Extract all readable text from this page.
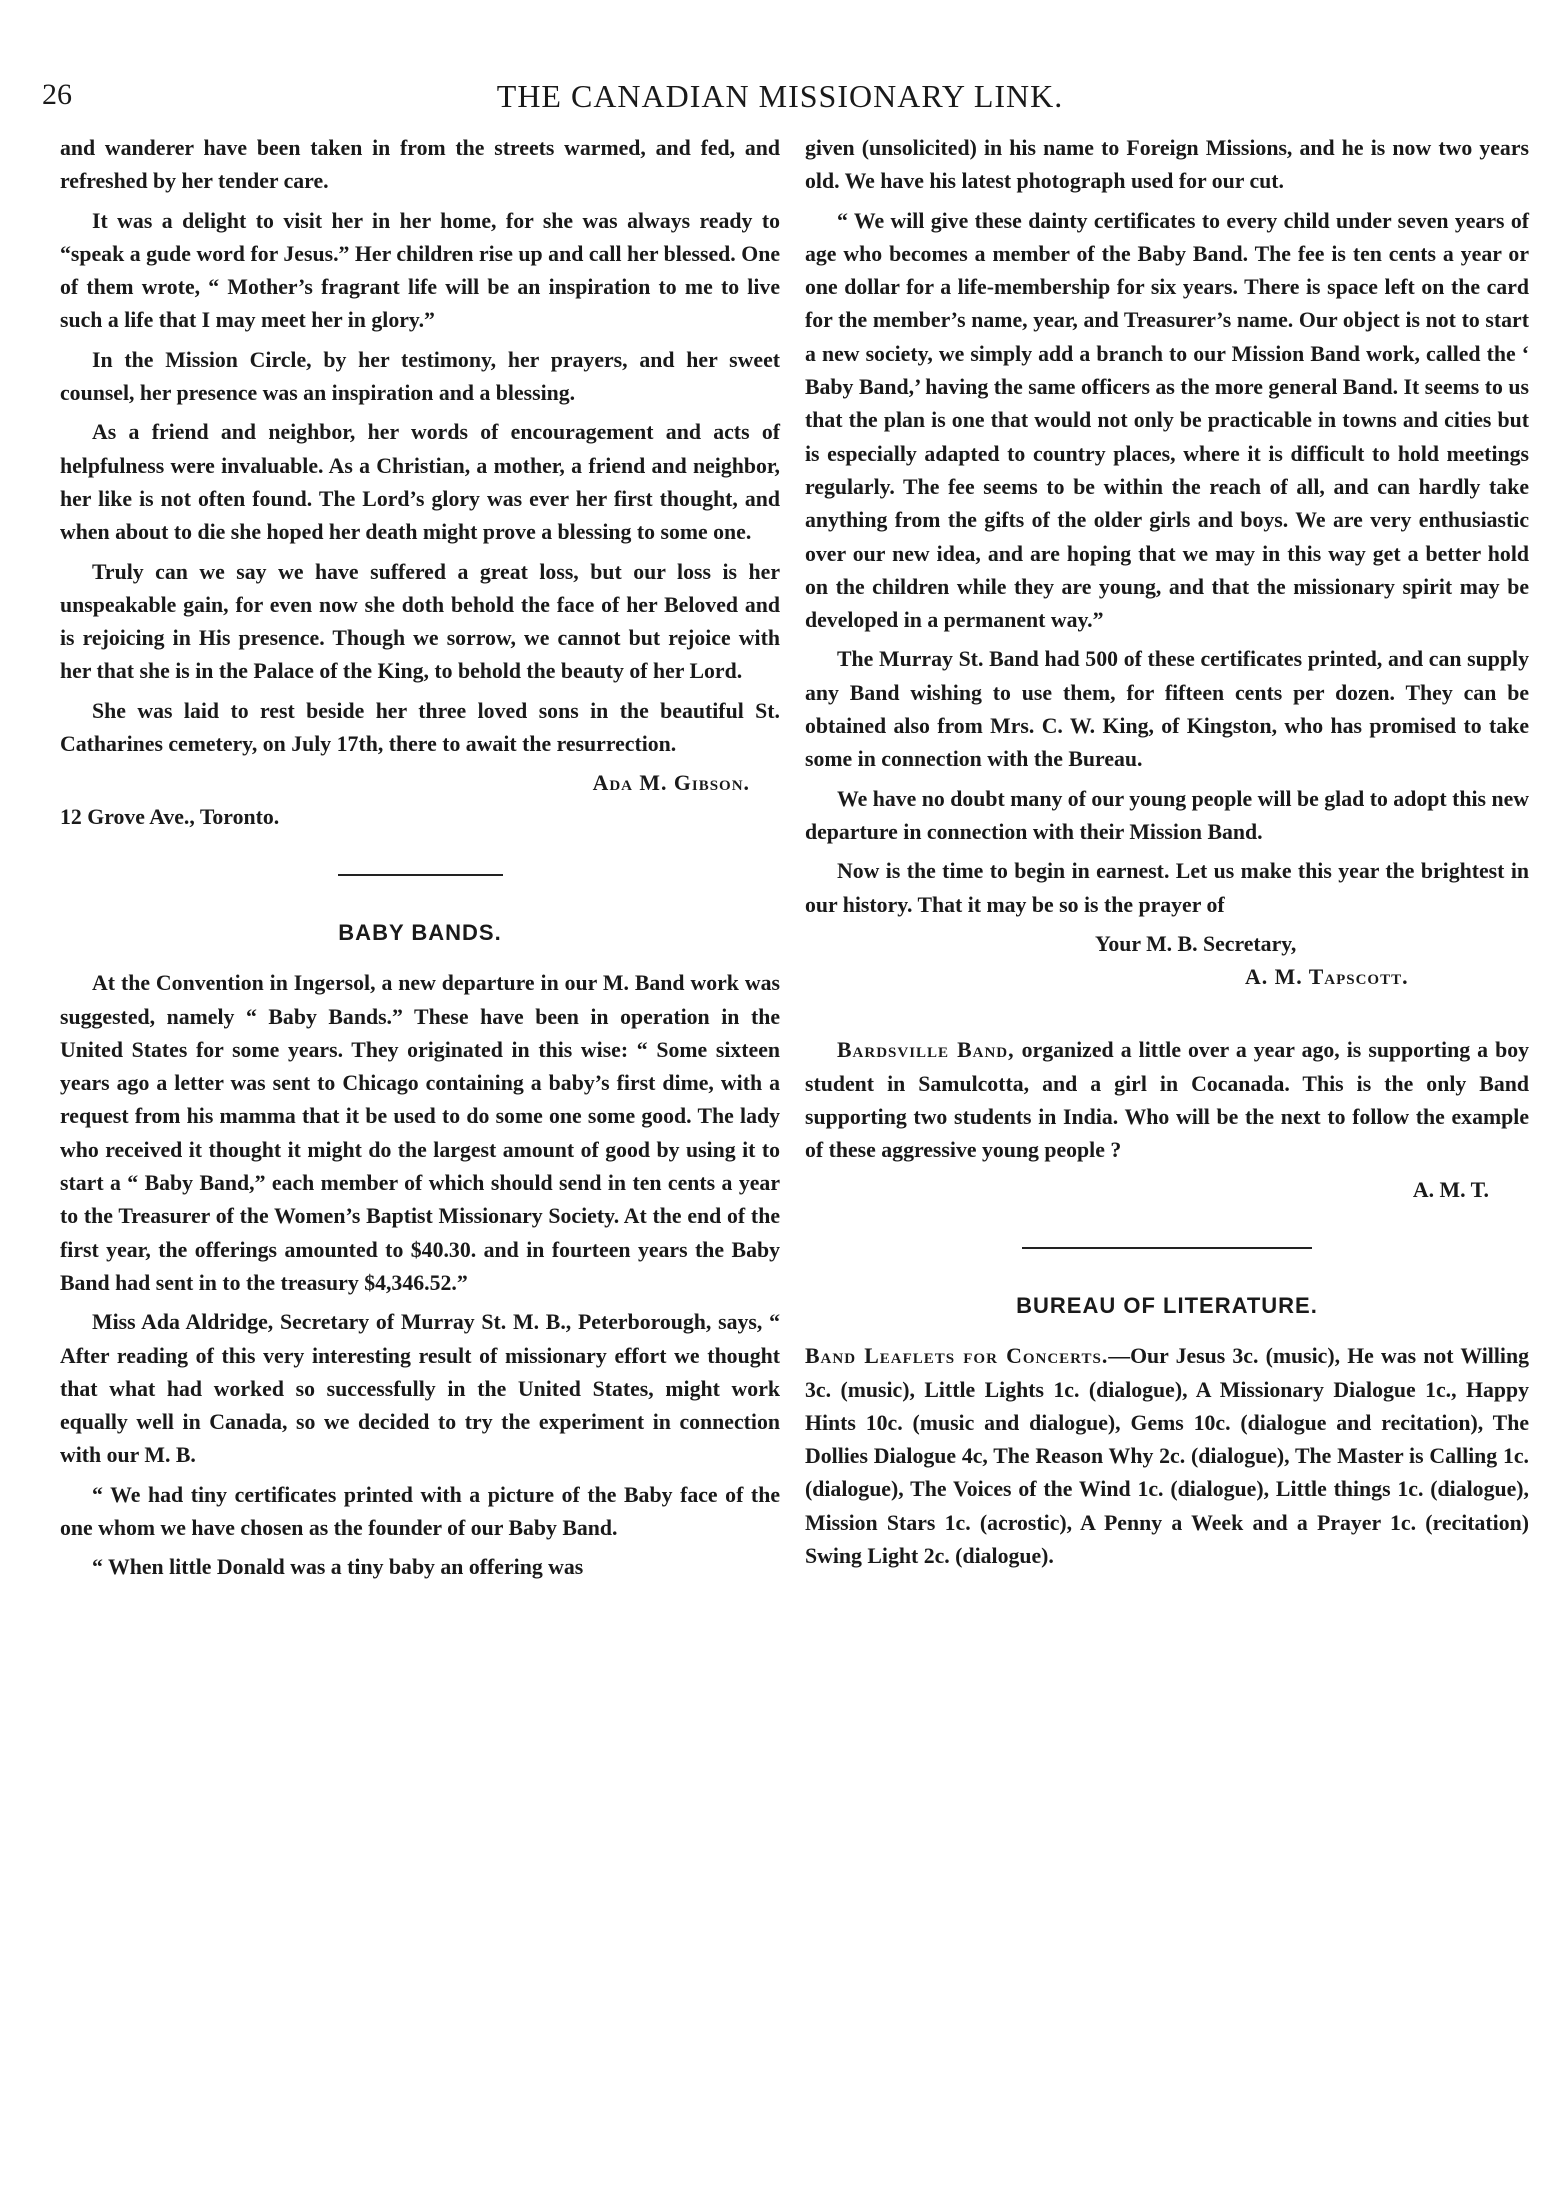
26	THE CANADIAN MISSIONARY LINK.

and wanderer have been taken in from the streets warmed, and fed, and refreshed by her tender care.

It was a delight to visit her in her home, for she was always ready to “speak a gude word for Jesus.” Her children rise up and call her blessed. One of them wrote, “ Mother’s fragrant life will be an inspiration to me to live such a life that I may meet her in glory.”

In the Mission Circle, by her testimony, her prayers, and her sweet counsel, her presence was an inspiration and a blessing.

As a friend and neighbor, her words of encouragement and acts of helpfulness were invaluable. As a Christian, a mother, a friend and neighbor, her like is not often found. The Lord’s glory was ever her first thought, and when about to die she hoped her death might prove a blessing to some one.

Truly can we say we have suffered a great loss, but our loss is her unspeakable gain, for even now she doth behold the face of her Beloved and is rejoicing in His presence. Though we sorrow, we cannot but rejoice with her that she is in the Palace of the King, to behold the beauty of her Lord.

She was laid to rest beside her three loved sons in the beautiful St. Catharines cemetery, on July 17th, there to await the resurrection.

Ada M. Gibson.
12 Grove Ave., Toronto.
BABY BANDS.

At the Convention in Ingersol, a new departure in our M. Band work was suggested, namely “ Baby Bands.” These have been in operation in the United States for some years. They originated in this wise: “ Some sixteen years ago a letter was sent to Chicago containing a baby’s first dime, with a request from his mamma that it be used to do some one some good. The lady who received it thought it might do the largest amount of good by using it to start a “ Baby Band,” each member of which should send in ten cents a year to the Treasurer of the Women’s Baptist Missionary Society. At the end of the first year, the offerings amounted to $40.30. and in fourteen years the Baby Band had sent in to the treasury $4,346.52.”

Miss Ada Aldridge, Secretary of Murray St. M. B., Peterborough, says, “ After reading of this very interesting result of missionary effort we thought that what had worked so successfully in the United States, might work equally well in Canada, so we decided to try the experiment in connection with our M. B.

“ We had tiny certificates printed with a picture of the Baby face of the one whom we have chosen as the founder of our Baby Band.

“ When little Donald was a tiny baby an offering was

given (unsolicited) in his name to Foreign Missions, and he is now two years old. We have his latest photograph used for our cut.

“ We will give these dainty certificates to every child under seven years of age who becomes a member of the Baby Band. The fee is ten cents a year or one dollar for a life-membership for six years. There is space left on the card for the member’s name, year, and Treasurer’s name. Our object is not to start a new society, we simply add a branch to our Mission Band work, called the ‘ Baby Band,’ having the same officers as the more general Band. It seems to us that the plan is one that would not only be practicable in towns and cities but is especially adapted to country places, where it is difficult to hold meetings regularly. The fee seems to be within the reach of all, and can hardly take anything from the gifts of the older girls and boys. We are very enthusiastic over our new idea, and are hoping that we may in this way get a better hold on the children while they are young, and that the missionary spirit may be developed in a permanent way.”

The Murray St. Band had 500 of these certificates printed, and can supply any Band wishing to use them, for fifteen cents per dozen. They can be obtained also from Mrs. C. W. King, of Kingston, who has promised to take some in connection with the Bureau.

We have no doubt many of our young people will be glad to adopt this new departure in connection with their Mission Band.

Now is the time to begin in earnest. Let us make this year the brightest in our history. That it may be so is the prayer of

Your M. B. Secretary,
A. M. Tapscott.

Bardsville Band, organized a little over a year ago, is supporting a boy student in Samulcotta, and a girl in Cocanada. This is the only Band supporting two students in India. Who will be the next to follow the example of these aggressive young people ?

A. M. T.
BUREAU OF LITERATURE.

Band Leaflets for Concerts.—Our Jesus 3c. (music), He was not Willing 3c. (music), Little Lights 1c. (dialogue), A Missionary Dialogue 1c., Happy Hints 10c. (music and dialogue), Gems 10c. (dialogue and recitation), The Dollies Dialogue 4c, The Reason Why 2c. (dialogue), The Master is Calling 1c. (dialogue), The Voices of the Wind 1c. (dialogue), Little things 1c. (dialogue), Mission Stars 1c. (acrostic), A Penny a Week and a Prayer 1c. (recitation) Swing Light 2c. (dialogue).
